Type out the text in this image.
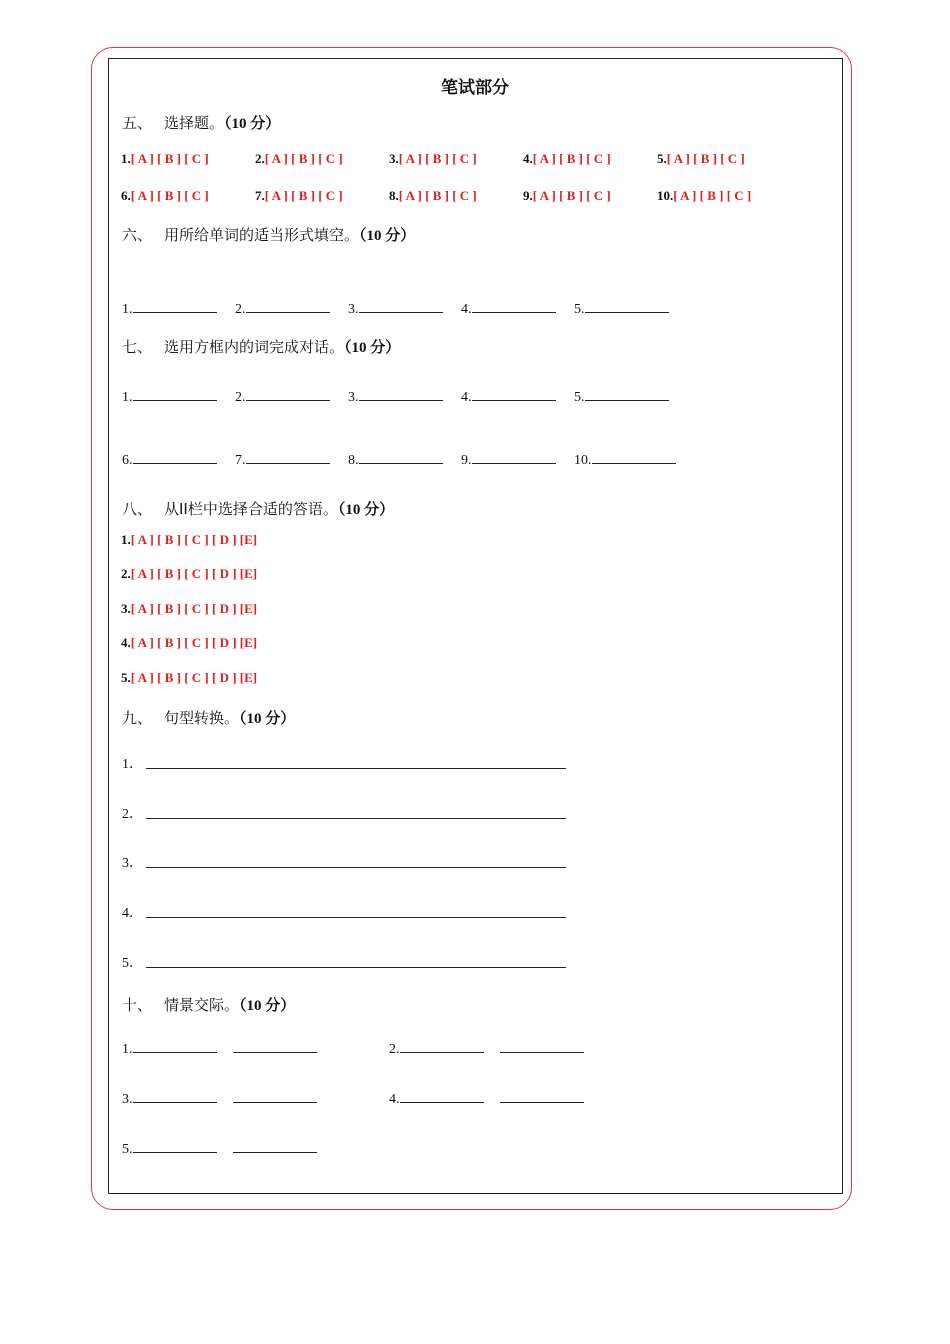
笔试部分
五、 选择题。（10 分）
1.[ A ] [ B ] [ C ]	2.[ A ] [ B ] [ C ]	3.[ A ] [ B ] [ C ]	4.[ A ] [ B ] [ C ]	5.[ A ] [ B ] [ C ]
6.[ A ] [ B ] [ C ]	7.[ A ] [ B ] [ C ]	8.[ A ] [ B ] [ C ]	9.[ A ] [ B ] [ C ]	10.[ A ] [ B ] [ C ]
六、 用所给单词的适当形式填空。（10 分）
1.	2.	3.	4.	5.
七、 选用方框内的词完成对话。（10 分）
1.	2.	3.	4.	5.
6.	7.	8.	9.	10.
八、 从II栏中选择合适的答语。（10 分）
1.[ A ] [ B ] [ C ] [ D ] [E]
2.[ A ] [ B ] [ C ] [ D ] [E]
3.[ A ] [ B ] [ C ] [ D ] [E]
4.[ A ] [ B ] [ C ] [ D ] [E]
5.[ A ] [ B ] [ C ] [ D ] [E]
九、 句型转换。（10 分）
1．
2．
3．
4．
5．
十、 情景交际。（10 分）
1.	2.
3.	4.
5.
